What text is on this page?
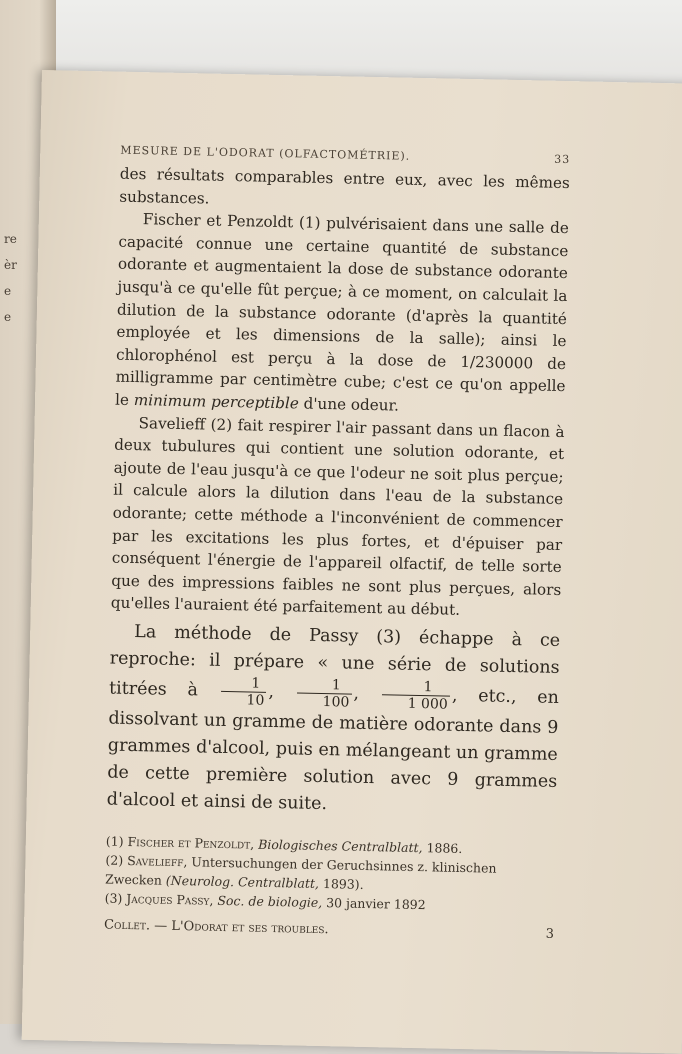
re
èr
e
e
MESURE DE L'ODORAT (OLFACTOMÉTRIE).	33

des résultats comparables entre eux, avec les mêmes substances.

Fischer et Penzoldt (1) pulvérisaient dans une salle de capacité connue une certaine quantité de substance odorante et augmentaient la dose de substance odorante jusqu'à ce qu'elle fût perçue; à ce moment, on calculait la dilution de la substance odorante (d'après la quantité employée et les dimensions de la salle); ainsi le chlorophénol est perçu à la dose de 1/230000 de milligramme par centimètre cube; c'est ce qu'on appelle le minimum perceptible d'une odeur.

Savelieff (2) fait respirer l'air passant dans un flacon à deux tubulures qui contient une solution odorante, et ajoute de l'eau jusqu'à ce que l'odeur ne soit plus perçue; il calcule alors la dilution dans l'eau de la substance odorante; cette méthode a l'inconvénient de commencer par les excitations les plus fortes, et d'épuiser par conséquent l'énergie de l'appareil olfactif, de telle sorte que des impressions faibles ne sont plus perçues, alors qu'elles l'auraient été parfaitement au début.

La méthode de Passy (3) échappe à ce reproche: il prépare « une série de solutions titrées à $\frac{1}{10}$ , $\frac{1}{100}$ , $\frac{1}{1 000}$ , etc., en dissolvant un gramme de matière odorante dans 9 grammes d'alcool, puis en mélangeant un gramme de cette première solution avec 9 grammes d'alcool et ainsi de suite.

(1) Fischer et Penzoldt, Biologisches Centralblatt, 1886.
(2) Savelieff, Untersuchungen der Geruchsinnes z. klinischen Zwecken (Neurolog. Centralblatt, 1893).
(3) Jacques Passy, Soc. de biologie, 30 janvier 1892
Collet. — L'Odorat et ses troubles.	3
